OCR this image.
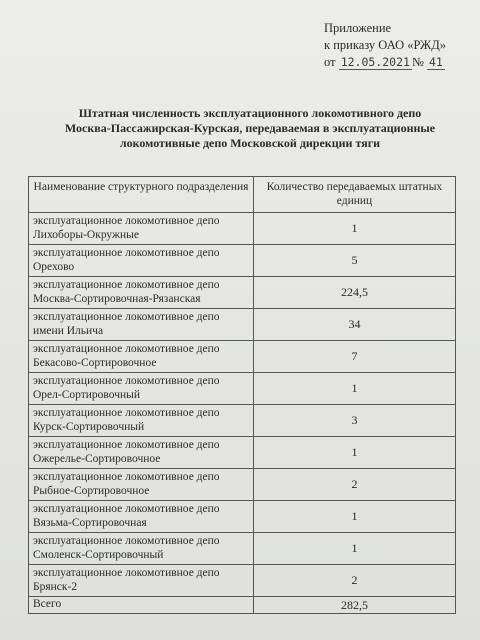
Приложение
к приказу ОАО «РЖД»
от 12.05.2021 № 41
Штатная численность эксплуатационного локомотивного депо
Москва-Пассажирская-Курская, передаваемая в эксплуатационные
локомотивные депо Московской дирекции тяги
Наименование структурного подразделения	Количество передаваемых штатных единиц
эксплуатационное локомотивное депо
Лихоборы-Окружные	1
эксплуатационное локомотивное депо
Орехово	5
эксплуатационное локомотивное депо
Москва-Сортировочная-Рязанская	224,5
эксплуатационное локомотивное депо
имени Ильича	34
эксплуатационное локомотивное депо
Бекасово-Сортировочное	7
эксплуатационное локомотивное депо
Орел-Сортировочный	1
эксплуатационное локомотивное депо
Курск-Сортировочный	3
эксплуатационное локомотивное депо
Ожерелье-Сортировочное	1
эксплуатационное локомотивное депо
Рыбное-Сортировочное	2
эксплуатационное локомотивное депо
Вязьма-Сортировочная	1
эксплуатационное локомотивное депо
Смоленск-Сортировочный	1
эксплуатационное локомотивное депо
Брянск-2	2
Всего	282,5
